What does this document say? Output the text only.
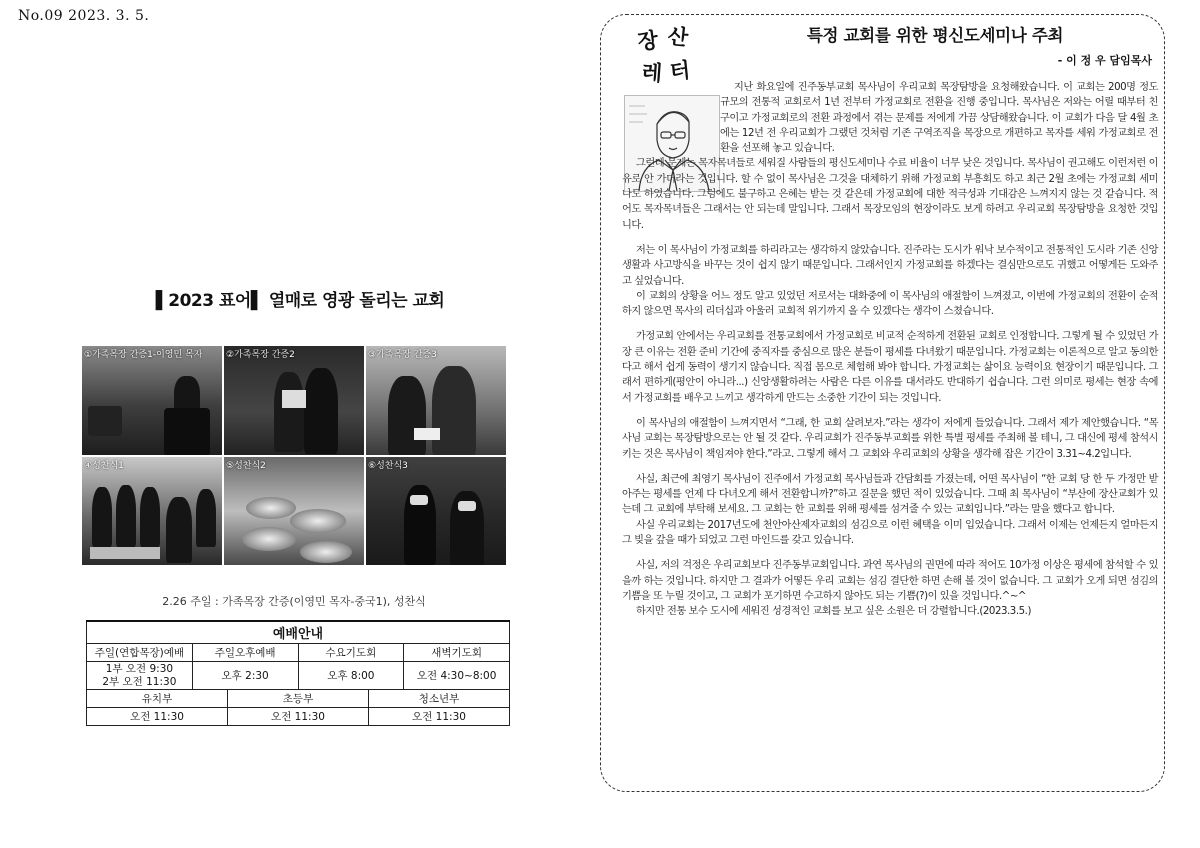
No.09 2023. 3. 5.
▌2023 표어▌ 열매로 영광 돌리는 교회
①가족목장 간증1-이영민 목자	②가족목장 간증2	③가족목장 간증3
④성찬식1	⑤성찬식2	⑥성찬식3
2.26 주일 : 가족목장 간증(이영민 목자-중국1), 성찬식
예배안내					
주일(연합목장)예배	주일오후예배		수요기도회		새벽기도회

1부 오전 9:30
2부 오전 11:30	오후 2:30		오후 8:00		오전 4:30~8:00
유치부		초등부		청소년부	
오전 11:30		오전 11:30		오전 11:30	
장 산
레 터
특정 교회를 위한 평신도세미나 주최
- 이 정 우 담임목사

지난 화요일에 진주동부교회 목사님이 우리교회 목장탐방을 요청해왔습니다. 이 교회는 200명 정도 규모의 전통적 교회로서 1년 전부터 가정교회로 전환을 진행 중입니다. 목사님은 저와는 어릴 때부터 친구이고 가정교회로의 전환 과정에서 겪는 문제를 저에게 가끔 상담해왔습니다. 이 교회가 다음 달 4월 초에는 12년 전 우리교회가 그랬던 것처럼 기존 구역조직을 목장으로 개편하고 목자를 세워 가정교회로 전환을 선포해 놓고 있습니다.

그런데 문제는 목자목녀들로 세워질 사람들의 평신도세미나 수료 비율이 너무 낮은 것입니다. 목사님이 권고해도 이런저런 이유로 안 가더라는 것입니다. 할 수 없이 목사님은 그것을 대체하기 위해 가정교회 부흥회도 하고 최근 2월 초에는 가정교회 세미나도 하였습니다. 그럼에도 불구하고 은혜는 받는 것 같은데 가정교회에 대한 적극성과 기대감은 느껴지지 않는 것 같습니다. 적어도 목자목녀들은 그래서는 안 되는데 말입니다. 그래서 목장모임의 현장이라도 보게 하려고 우리교회 목장탐방을 요청한 것입니다.

저는 이 목사님이 가정교회를 하리라고는 생각하지 않았습니다. 진주라는 도시가 워낙 보수적이고 전통적인 도시라 기존 신앙생활과 사고방식을 바꾸는 것이 쉽지 않기 때문입니다. 그래서인지 가정교회를 하겠다는 결심만으로도 귀했고 어떻게든 도와주고 싶었습니다.

이 교회의 상황을 어느 정도 알고 있었던 저로서는 대화중에 이 목사님의 애절함이 느껴졌고, 이번에 가정교회의 전환이 순적하지 않으면 목사의 리더십과 아울러 교회적 위기까지 올 수 있겠다는 생각이 스쳤습니다.

가정교회 안에서는 우리교회를 전통교회에서 가정교회로 비교적 순적하게 전환된 교회로 인정합니다. 그렇게 될 수 있었던 가장 큰 이유는 전환 준비 기간에 중직자를 중심으로 많은 분들이 평세를 다녀왔기 때문입니다. 가정교회는 이론적으로 알고 동의한다고 해서 쉽게 동력이 생기지 않습니다. 직접 몸으로 체험해 봐야 합니다. 가정교회는 삶이요 능력이요 현장이기 때문입니다. 그래서 편하게(평안이 아니라...) 신앙생활하려는 사람은 다른 이유를 대서라도 반대하기 쉽습니다. 그런 의미로 평세는 현장 속에서 가정교회를 배우고 느끼고 생각하게 만드는 소중한 기간이 되는 것입니다.

이 목사님의 애절함이 느껴지면서 “그래, 한 교회 살려보자.”라는 생각이 저에게 들었습니다. 그래서 제가 제안했습니다. “목사님 교회는 목장탐방으로는 안 될 것 같다. 우리교회가 진주동부교회를 위한 특별 평세를 주최해 볼 테니, 그 대신에 평세 참석시키는 것은 목사님이 책임져야 한다.”라고. 그렇게 해서 그 교회와 우리교회의 상황을 생각해 잡은 기간이 3.31~4.2입니다.

사실, 최근에 최영기 목사님이 진주에서 가정교회 목사님들과 간담회를 가졌는데, 어떤 목사님이 “한 교회 당 한 두 가정만 받아주는 평세를 언제 다 다녀오게 해서 전환합니까?”하고 질문을 했던 적이 있었습니다. 그때 최 목사님이 “부산에 장산교회가 있는데 그 교회에 부탁해 보세요. 그 교회는 한 교회를 위해 평세를 섬겨줄 수 있는 교회입니다.”라는 말을 했다고 합니다.

사실 우리교회는 2017년도에 천안아산제자교회의 섬김으로 이런 혜택을 이미 입었습니다. 그래서 이제는 언제든지 얼마든지 그 빚을 갚을 때가 되었고 그런 마인드를 갖고 있습니다.

사실, 저의 걱정은 우리교회보다 진주동부교회입니다. 과연 목사님의 권면에 따라 적어도 10가정 이상은 평세에 참석할 수 있을까 하는 것입니다. 하지만 그 결과가 어떻든 우리 교회는 섬김 결단한 하면 손해 볼 것이 없습니다. 그 교회가 오게 되면 섬김의 기쁨을 또 누릴 것이고, 그 교회가 포기하면 수고하지 않아도 되는 기쁨(?)이 있을 것입니다.^~^

하지만 전통 보수 도시에 세워진 성경적인 교회를 보고 싶은 소원은 더 강렬합니다.(2023.3.5.)
